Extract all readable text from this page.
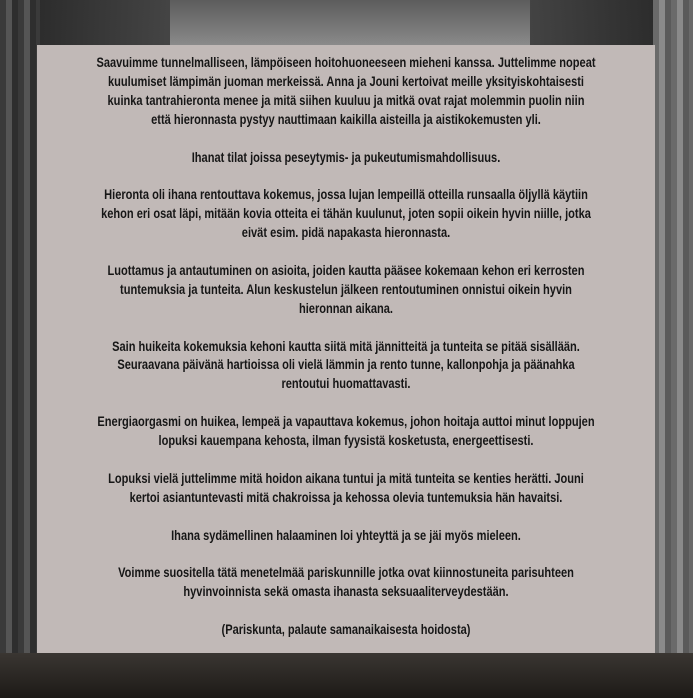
Saavuimme tunnelmalliseen, lämpöiseen hoitohuoneeseen mieheni kanssa. Juttelimme nopeat
kuulumiset lämpimän juoman merkeissä. Anna ja Jouni kertoivat meille yksityiskohtaisesti
kuinka tantrahieronta menee ja mitä siihen kuuluu ja mitkä ovat rajat molemmin puolin niin
että hieronnasta pystyy nauttimaan kaikilla aisteilla ja aistikokemusten yli.

Ihanat tilat joissa peseytymis- ja pukeutumismahdollisuus.

Hieronta oli ihana rentouttava kokemus, jossa lujan lempeillä otteilla runsaalla öljyllä käytiin
kehon eri osat läpi, mitään kovia otteita ei tähän kuulunut, joten sopii oikein hyvin niille, jotka
eivät esim. pidä napakasta hieronnasta.

Luottamus ja antautuminen on asioita, joiden kautta pääsee kokemaan kehon eri kerrosten
tuntemuksia ja tunteita. Alun keskustelun jälkeen rentoutuminen onnistui oikein hyvin
hieronnan aikana.

Sain huikeita kokemuksia kehoni kautta siitä mitä jännitteitä ja tunteita se pitää sisällään.
Seuraavana päivänä hartioissa oli vielä lämmin ja rento tunne, kallonpohja ja päänahka
rentoutui huomattavasti.

Energiaorgasmi on huikea, lempeä ja vapauttava kokemus, johon hoitaja auttoi minut loppujen
lopuksi kauempana kehosta, ilman fyysistä kosketusta, energeettisesti.

Lopuksi vielä juttelimme mitä hoidon aikana tuntui ja mitä tunteita se kenties herätti. Jouni
kertoi asiantuntevasti mitä chakroissa ja kehossa olevia tuntemuksia hän havaitsi.

Ihana sydämellinen halaaminen loi yhteyttä ja se jäi myös mieleen.

Voimme suositella tätä menetelmää pariskunnille jotka ovat kiinnostuneita parisuhteen
hyvinvoinnista sekä omasta ihanasta seksuaaliterveydestään.

(Pariskunta, palaute samanaikaisesta hoidosta)
